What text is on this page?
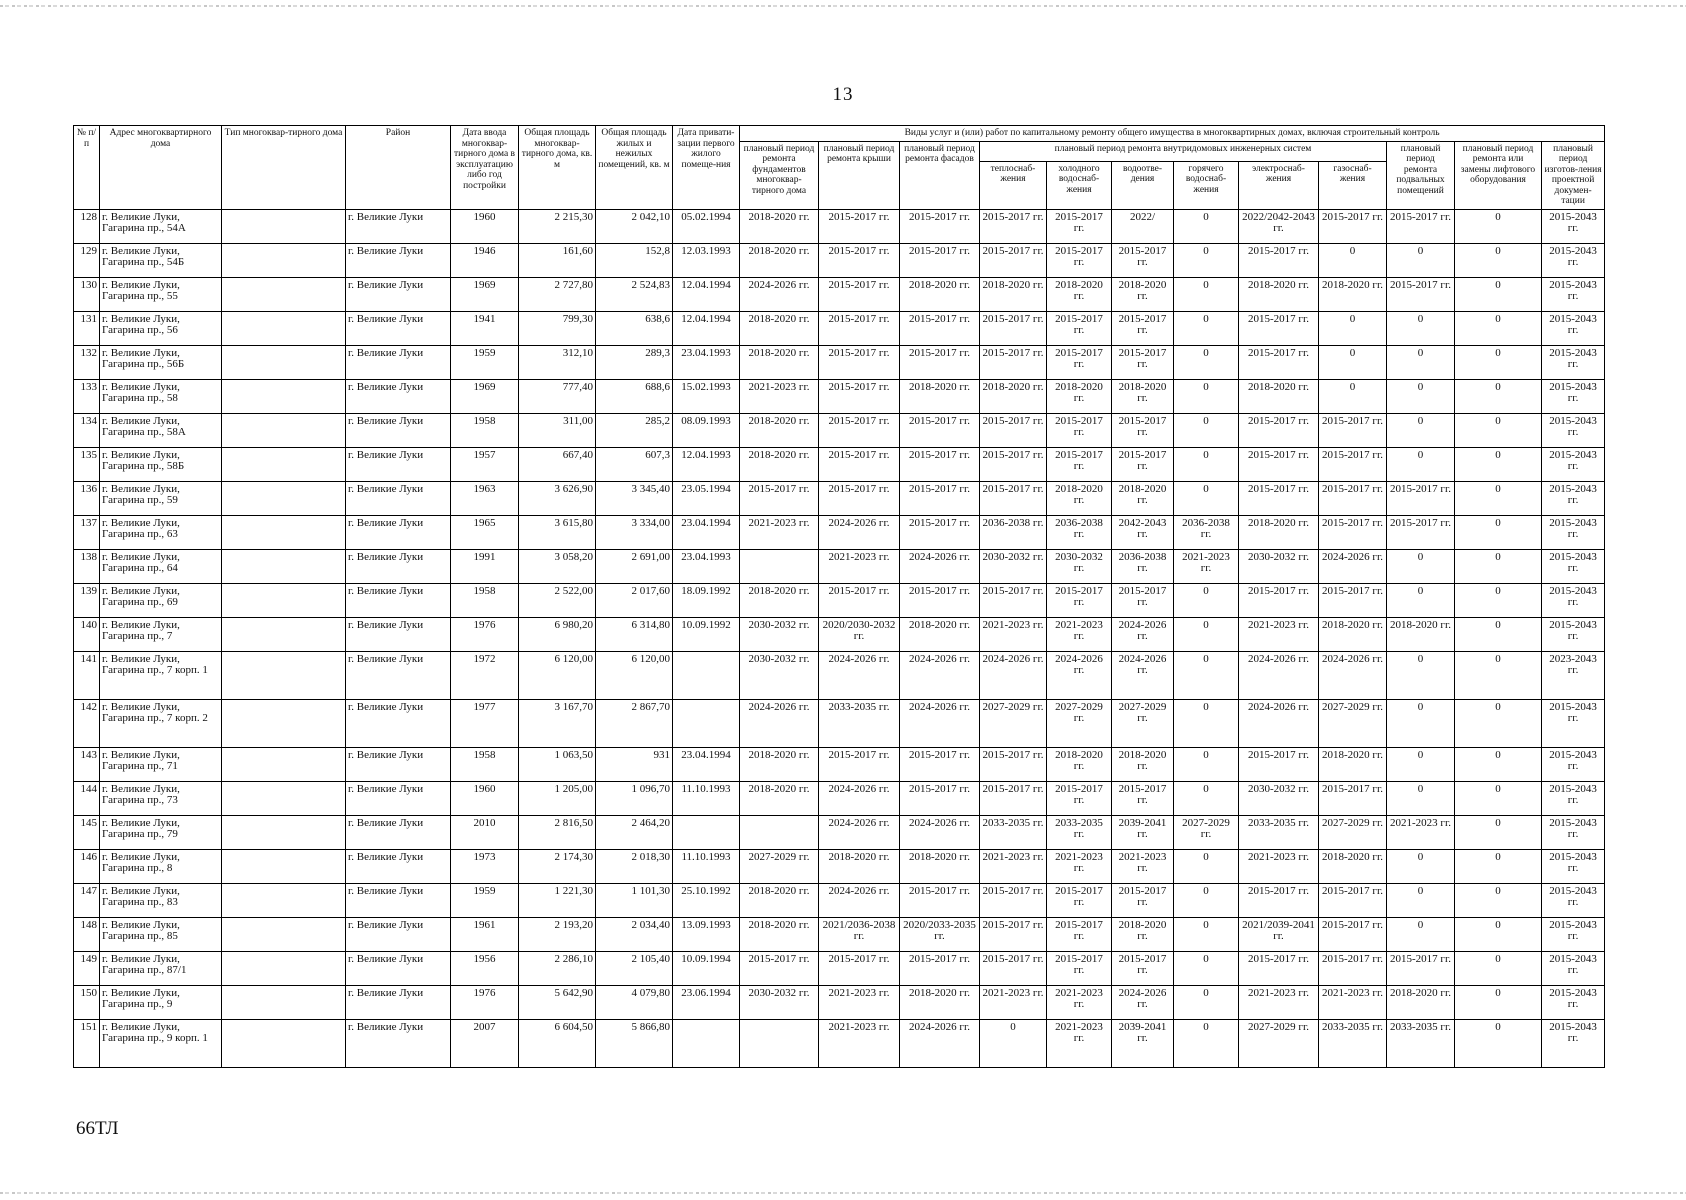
13
№ п/п	Адрес многоквартирного дома	Тип многоквар-тирного дома	Район	Дата ввода многоквар-тирного дома в эксплуатацию либо год постройки	Общая площадь многоквар-тирного дома, кв. м	Общая площадь жилых и нежилых помещений, кв. м	Дата привати-зации первого жилого помеще-ния	Виды услуг и (или) работ по капитальному ремонту общего имущества в многоквартирных домах, включая строительный контроль											
								плановый период ремонта фундаментов многоквар-тирного дома	плановый период ремонта крыши	плановый период ремонта фасадов	плановый период ремонта внутридомовых инженерных систем						плановый период ремонта подвальных помещений	плановый период ремонта или замены лифтового оборудования	плановый период изготов-ления проектной докумен-тации
											теплоснаб-жения	холодного водоснаб-жения	водоотве-дения	горячего водоснаб-жения	электроснаб-жения	газоснаб-жения			
128	г. Великие Луки, Гагарина пр., 54А		г. Великие Луки	1960	2 215,30	2 042,10	05.02.1994	2018-2020 гг.	2015-2017 гг.	2015-2017 гг.	2015-2017 гг.	2015-2017 гг.	2022/	0	2022/2042-2043 гг.	2015-2017 гг.	2015-2017 гг.	0	2015-2043 гг.
129	г. Великие Луки, Гагарина пр., 54Б		г. Великие Луки	1946	161,60	152,8	12.03.1993	2018-2020 гг.	2015-2017 гг.	2015-2017 гг.	2015-2017 гг.	2015-2017 гг.	2015-2017 гг.	0	2015-2017 гг.	0	0	0	2015-2043 гг.
130	г. Великие Луки, Гагарина пр., 55		г. Великие Луки	1969	2 727,80	2 524,83	12.04.1994	2024-2026 гг.	2015-2017 гг.	2018-2020 гг.	2018-2020 гг.	2018-2020 гг.	2018-2020 гг.	0	2018-2020 гг.	2018-2020 гг.	2015-2017 гг.	0	2015-2043 гг.
131	г. Великие Луки, Гагарина пр., 56		г. Великие Луки	1941	799,30	638,6	12.04.1994	2018-2020 гг.	2015-2017 гг.	2015-2017 гг.	2015-2017 гг.	2015-2017 гг.	2015-2017 гг.	0	2015-2017 гг.	0	0	0	2015-2043 гг.
132	г. Великие Луки, Гагарина пр., 56Б		г. Великие Луки	1959	312,10	289,3	23.04.1993	2018-2020 гг.	2015-2017 гг.	2015-2017 гг.	2015-2017 гг.	2015-2017 гг.	2015-2017 гг.	0	2015-2017 гг.	0	0	0	2015-2043 гг.
133	г. Великие Луки, Гагарина пр., 58		г. Великие Луки	1969	777,40	688,6	15.02.1993	2021-2023 гг.	2015-2017 гг.	2018-2020 гг.	2018-2020 гг.	2018-2020 гг.	2018-2020 гг.	0	2018-2020 гг.	0	0	0	2015-2043 гг.
134	г. Великие Луки, Гагарина пр., 58А		г. Великие Луки	1958	311,00	285,2	08.09.1993	2018-2020 гг.	2015-2017 гг.	2015-2017 гг.	2015-2017 гг.	2015-2017 гг.	2015-2017 гг.	0	2015-2017 гг.	2015-2017 гг.	0	0	2015-2043 гг.
135	г. Великие Луки, Гагарина пр., 58Б		г. Великие Луки	1957	667,40	607,3	12.04.1993	2018-2020 гг.	2015-2017 гг.	2015-2017 гг.	2015-2017 гг.	2015-2017 гг.	2015-2017 гг.	0	2015-2017 гг.	2015-2017 гг.	0	0	2015-2043 гг.
136	г. Великие Луки, Гагарина пр., 59		г. Великие Луки	1963	3 626,90	3 345,40	23.05.1994	2015-2017 гг.	2015-2017 гг.	2015-2017 гг.	2015-2017 гг.	2018-2020 гг.	2018-2020 гг.	0	2015-2017 гг.	2015-2017 гг.	2015-2017 гг.	0	2015-2043 гг.
137	г. Великие Луки, Гагарина пр., 63		г. Великие Луки	1965	3 615,80	3 334,00	23.04.1994	2021-2023 гг.	2024-2026 гг.	2015-2017 гг.	2036-2038 гг.	2036-2038 гг.	2042-2043 гг.	2036-2038 гг.	2018-2020 гг.	2015-2017 гг.	2015-2017 гг.	0	2015-2043 гг.
138	г. Великие Луки, Гагарина пр., 64		г. Великие Луки	1991	3 058,20	2 691,00	23.04.1993		2021-2023 гг.	2024-2026 гг.	2030-2032 гг.	2030-2032 гг.	2036-2038 гг.	2021-2023 гг.	2030-2032 гг.	2024-2026 гг.	0	0	2015-2043 гг.
139	г. Великие Луки, Гагарина пр., 69		г. Великие Луки	1958	2 522,00	2 017,60	18.09.1992	2018-2020 гг.	2015-2017 гг.	2015-2017 гг.	2015-2017 гг.	2015-2017 гг.	2015-2017 гг.	0	2015-2017 гг.	2015-2017 гг.	0	0	2015-2043 гг.
140	г. Великие Луки, Гагарина пр., 7		г. Великие Луки	1976	6 980,20	6 314,80	10.09.1992	2030-2032 гг.	2020/2030-2032 гг.	2018-2020 гг.	2021-2023 гг.	2021-2023 гг.	2024-2026 гг.	0	2021-2023 гг.	2018-2020 гг.	2018-2020 гг.	0	2015-2043 гг.
141	г. Великие Луки, Гагарина пр., 7 корп. 1		г. Великие Луки	1972	6 120,00	6 120,00		2030-2032 гг.	2024-2026 гг.	2024-2026 гг.	2024-2026 гг.	2024-2026 гг.	2024-2026 гг.	0	2024-2026 гг.	2024-2026 гг.	0	0	2023-2043 гг.
142	г. Великие Луки, Гагарина пр., 7 корп. 2		г. Великие Луки	1977	3 167,70	2 867,70		2024-2026 гг.	2033-2035 гг.	2024-2026 гг.	2027-2029 гг.	2027-2029 гг.	2027-2029 гг.	0	2024-2026 гг.	2027-2029 гг.	0	0	2015-2043 гг.
143	г. Великие Луки, Гагарина пр., 71		г. Великие Луки	1958	1 063,50	931	23.04.1994	2018-2020 гг.	2015-2017 гг.	2015-2017 гг.	2015-2017 гг.	2018-2020 гг.	2018-2020 гг.	0	2015-2017 гг.	2018-2020 гг.	0	0	2015-2043 гг.
144	г. Великие Луки, Гагарина пр., 73		г. Великие Луки	1960	1 205,00	1 096,70	11.10.1993	2018-2020 гг.	2024-2026 гг.	2015-2017 гг.	2015-2017 гг.	2015-2017 гг.	2015-2017 гг.	0	2030-2032 гг.	2015-2017 гг.	0	0	2015-2043 гг.
145	г. Великие Луки, Гагарина пр., 79		г. Великие Луки	2010	2 816,50	2 464,20			2024-2026 гг.	2024-2026 гг.	2033-2035 гг.	2033-2035 гг.	2039-2041 гг.	2027-2029 гг.	2033-2035 гг.	2027-2029 гг.	2021-2023 гг.	0	2015-2043 гг.
146	г. Великие Луки, Гагарина пр., 8		г. Великие Луки	1973	2 174,30	2 018,30	11.10.1993	2027-2029 гг.	2018-2020 гг.	2018-2020 гг.	2021-2023 гг.	2021-2023 гг.	2021-2023 гг.	0	2021-2023 гг.	2018-2020 гг.	0	0	2015-2043 гг.
147	г. Великие Луки, Гагарина пр., 83		г. Великие Луки	1959	1 221,30	1 101,30	25.10.1992	2018-2020 гг.	2024-2026 гг.	2015-2017 гг.	2015-2017 гг.	2015-2017 гг.	2015-2017 гг.	0	2015-2017 гг.	2015-2017 гг.	0	0	2015-2043 гг.
148	г. Великие Луки, Гагарина пр., 85		г. Великие Луки	1961	2 193,20	2 034,40	13.09.1993	2018-2020 гг.	2021/2036-2038 гг.	2020/2033-2035 гг.	2015-2017 гг.	2015-2017 гг.	2018-2020 гг.	0	2021/2039-2041 гг.	2015-2017 гг.	0	0	2015-2043 гг.
149	г. Великие Луки, Гагарина пр., 87/1		г. Великие Луки	1956	2 286,10	2 105,40	10.09.1994	2015-2017 гг.	2015-2017 гг.	2015-2017 гг.	2015-2017 гг.	2015-2017 гг.	2015-2017 гг.	0	2015-2017 гг.	2015-2017 гг.	2015-2017 гг.	0	2015-2043 гг.
150	г. Великие Луки, Гагарина пр., 9		г. Великие Луки	1976	5 642,90	4 079,80	23.06.1994	2030-2032 гг.	2021-2023 гг.	2018-2020 гг.	2021-2023 гг.	2021-2023 гг.	2024-2026 гг.	0	2021-2023 гг.	2021-2023 гг.	2018-2020 гг.	0	2015-2043 гг.
151	г. Великие Луки, Гагарина пр., 9 корп. 1		г. Великие Луки	2007	6 604,50	5 866,80			2021-2023 гг.	2024-2026 гг.	0	2021-2023 гг.	2039-2041 гг.	0	2027-2029 гг.	2033-2035 гг.	2033-2035 гг.	0	2015-2043 гг.
66ТЛ
